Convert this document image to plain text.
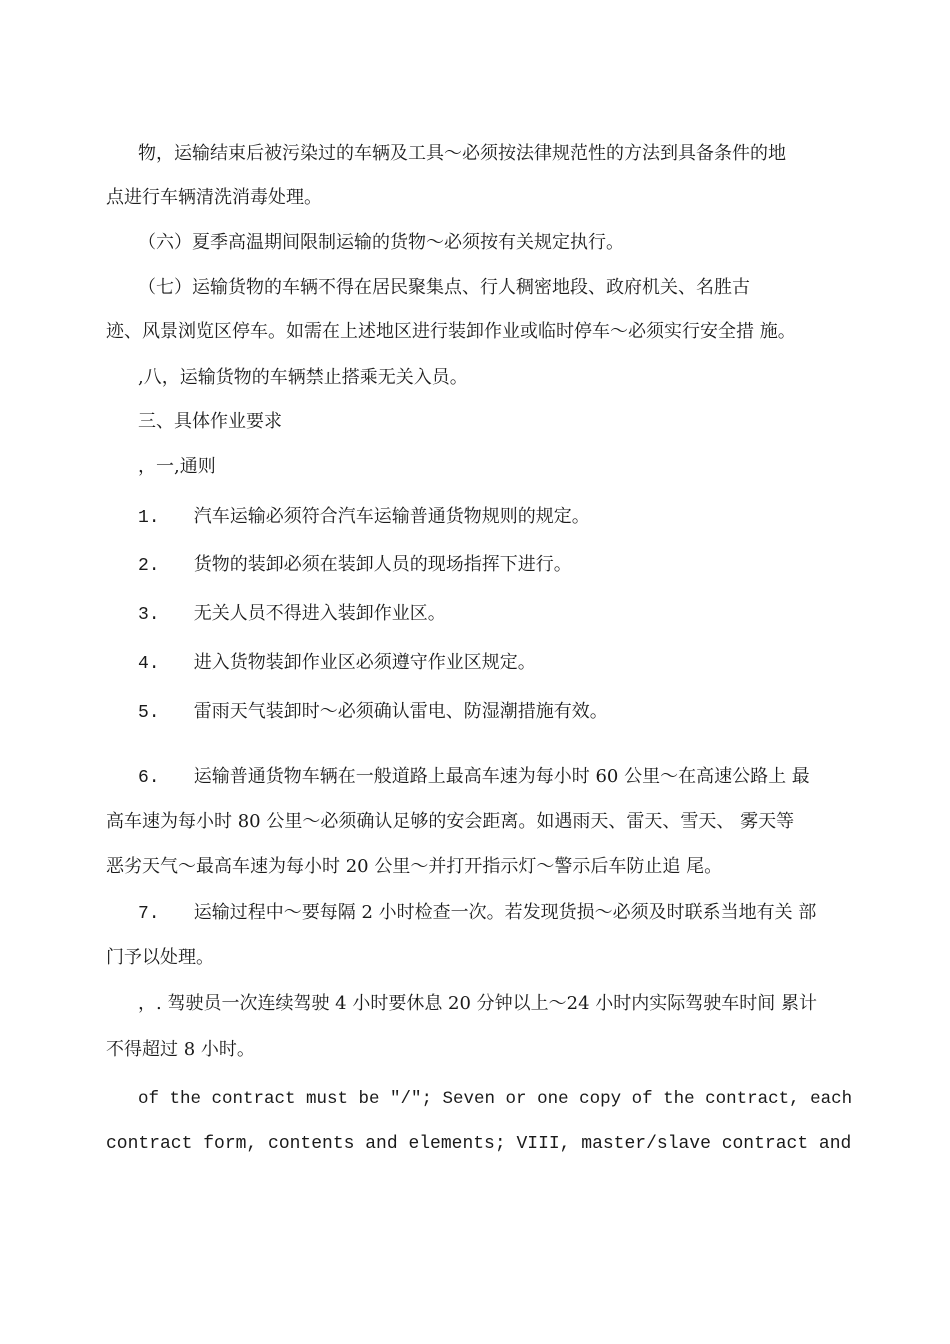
物，运输结束后被污染过的车辆及工具〜必须按法律规范性的方法到具备条件的地
点进行车辆清洗消毒处理。
（六）夏季高温期间限制运输的货物〜必须按有关规定执行。
（七）运输货物的车辆不得在居民聚集点、行人稠密地段、政府机关、名胜古
迹、风景浏览区停车。如需在上述地区进行装卸作业或临时停车〜必须实行安全措 施。
,八，运输货物的车辆禁止搭乘无关入员。
三、具体作业要求
，一,通则
1. 汽车运输必须符合汽车运输普通货物规则的规定。
2. 货物的装卸必须在装卸人员的现场指挥下进行。
3. 无关人员不得进入装卸作业区。
4. 进入货物装卸作业区必须遵守作业区规定。
5. 雷雨天气装卸时〜必须确认雷电、防湿潮措施有效。
6. 运输普通货物车辆在一般道路上最高车速为每小时 60 公里〜在高速公路上 最
高车速为每小时 80 公里〜必须确认足够的安会距离。如遇雨天、雷天、雪天、 雾天等
恶劣天气〜最高车速为每小时 20 公里〜并打开指示灯〜警示后车防止追 尾。
7. 运输过程中〜要每隔 2 小时检查一次。若发现货损〜必须及时联系当地有关 部
门予以处理。
，. 驾驶员一次连续驾驶 4 小时要休息 20 分钟以上〜24 小时内实际驾驶车时间 累计
不得超过 8 小时。
of the contract must be "/"; Seven or one copy of the contract, each
contract form, contents and elements; VIII, master/slave contract and
